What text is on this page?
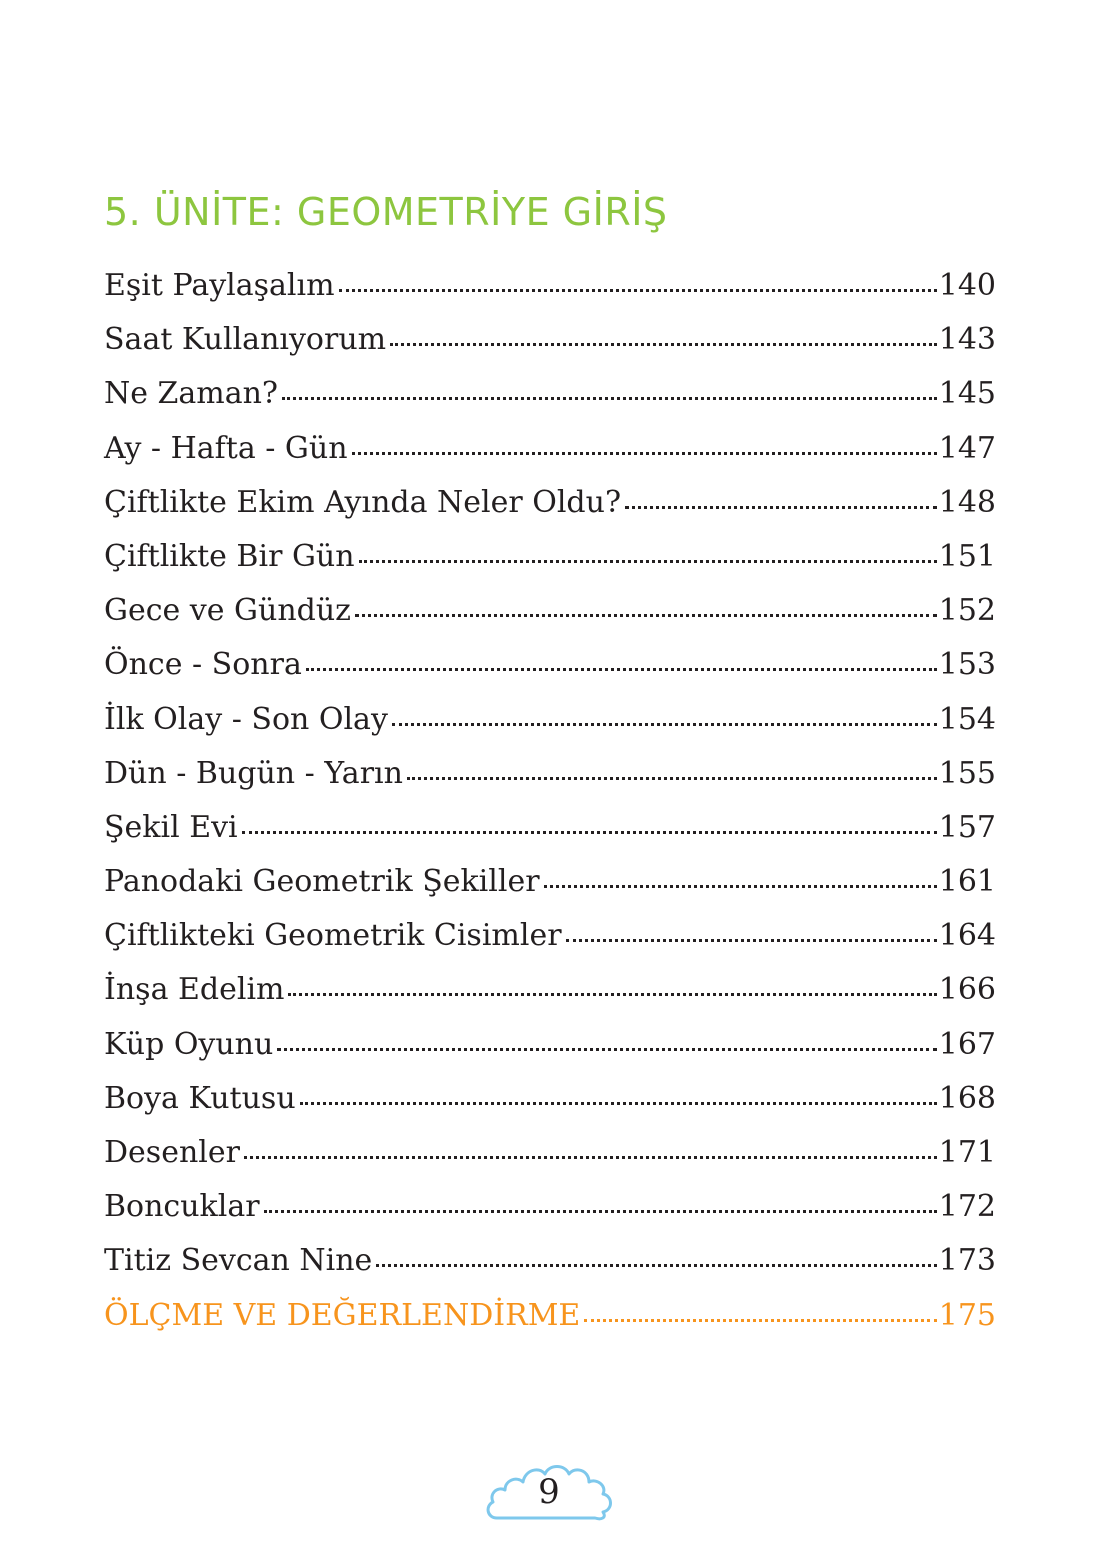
5. ÜNİTE: GEOMETRİYE GİRİŞ
Eşit Paylaşalım	140
Saat Kullanıyorum	143
Ne Zaman?	145
Ay - Hafta - Gün	147
Çiftlikte Ekim Ayında Neler Oldu?	148
Çiftlikte Bir Gün	151
Gece ve Gündüz	152
Önce - Sonra	153
İlk Olay - Son Olay	154
Dün - Bugün - Yarın	155
Şekil Evi	157
Panodaki Geometrik Şekiller	161
Çiftlikteki Geometrik Cisimler	164
İnşa Edelim	166
Küp Oyunu	167
Boya Kutusu	168
Desenler	171
Boncuklar	172
Titiz Sevcan Nine	173
ÖLÇME VE DEĞERLENDİRME	175
9
